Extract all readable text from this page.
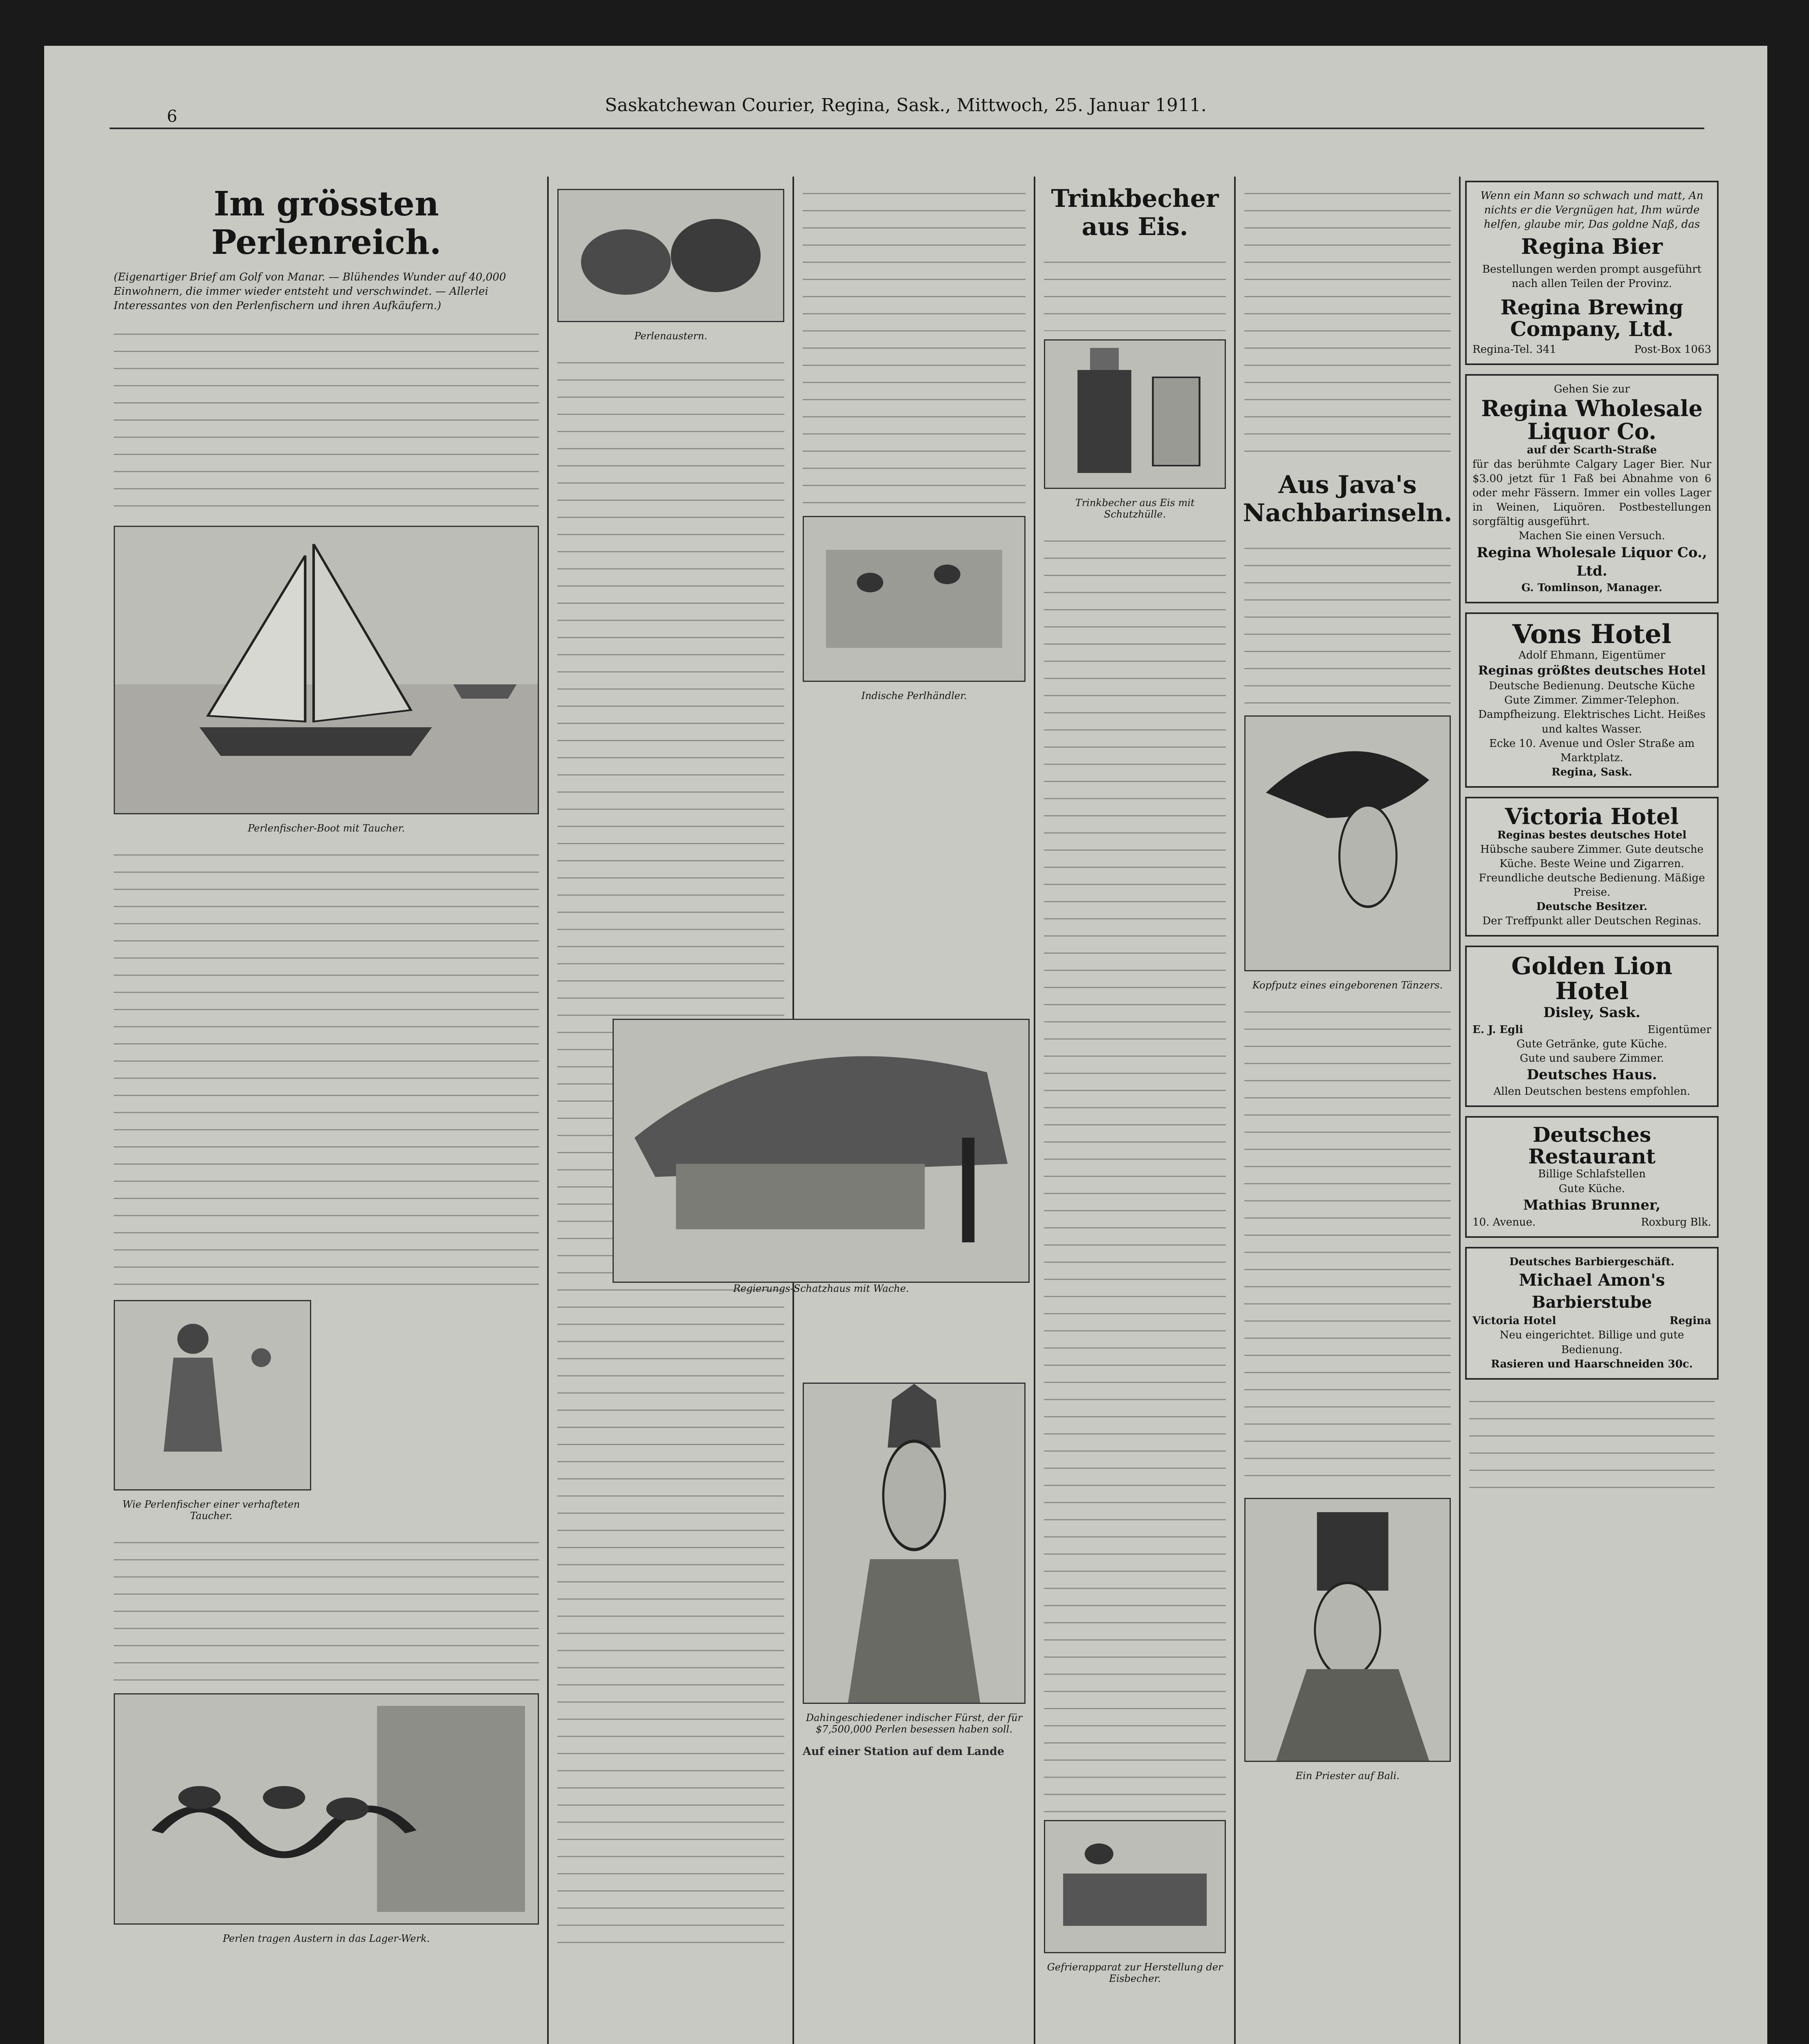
6
Saskatchewan Courier, Regina, Sask., Mittwoch, 25. Januar 1911.
Im grössten Perlenreich.
(Eigenartiger Brief am Golf von Manar. — Blühendes Wunder auf 40,000 Einwohnern, die immer wieder entsteht und verschwindet. — Allerlei Interessantes von den Perlenfischern und ihren Aufkäufern.)
Perlenfischer-Boot mit Taucher.
Wie Perlenfischer einer verhafteten Taucher.
Perlen tragen Austern in das Lager-Werk.
Perlenaustern.
Indische Perlhändler.
Regierungs-Schatzhaus mit Wache.
Dahingeschiedener indischer Fürst, der für $7,500,000 Perlen besessen haben soll.
Auf einer Station auf dem Lande
Trinkbecher aus Eis.
Trinkbecher aus Eis mit Schutzhülle.
Gefrierapparat zur Herstellung der Eisbecher.
Aus Java's Nachbarinseln.
Kopfputz eines eingeborenen Tänzers.
Ein Priester auf Bali.
Wenn ein Mann so schwach und matt, An nichts er die Vergnügen hat, Ihm würde helfen, glaube mir, Das goldne Naß, das
Regina Bier
Bestellungen werden prompt ausgeführt nach allen Teilen der Provinz.
Regina Brewing Company, Ltd.
Regina-Tel. 341	Post-Box 1063
Gehen Sie zur
Regina Wholesale Liquor Co.
auf der Scarth-Straße
für das berühmte Calgary Lager Bier. Nur $3.00 jetzt für 1 Faß bei Abnahme von 6 oder mehr Fässern. Immer ein volles Lager in Weinen, Liquören. Postbestellungen sorgfältig ausgeführt.
Machen Sie einen Versuch.
Regina Wholesale Liquor Co., Ltd.
G. Tomlinson, Manager.
Vons Hotel
Adolf Ehmann, Eigentümer
Reginas größtes deutsches Hotel
Deutsche Bedienung. Deutsche Küche
Gute Zimmer. Zimmer-Telephon. Dampfheizung. Elektrisches Licht. Heißes und kaltes Wasser.
Ecke 10. Avenue und Osler Straße am Marktplatz.
Regina, Sask.
Victoria Hotel
Reginas bestes deutsches Hotel
Hübsche saubere Zimmer. Gute deutsche Küche. Beste Weine und Zigarren. Freundliche deutsche Bedienung. Mäßige Preise.
Deutsche Besitzer.
Der Treffpunkt aller Deutschen Reginas.
Golden Lion Hotel
Disley, Sask.
E. J. Egli	Eigentümer
Gute Getränke, gute Küche.
Gute und saubere Zimmer.
Deutsches Haus.
Allen Deutschen bestens empfohlen.
Deutsches Restaurant
Billige Schlafstellen
Gute Küche.
Mathias Brunner,
10. Avenue.	Roxburg Blk.
Deutsches Barbiergeschäft.
Michael Amon's Barbierstube
Victoria Hotel	Regina
Neu eingerichtet. Billige und gute Bedienung.
Rasieren und Haarschneiden 30c.
